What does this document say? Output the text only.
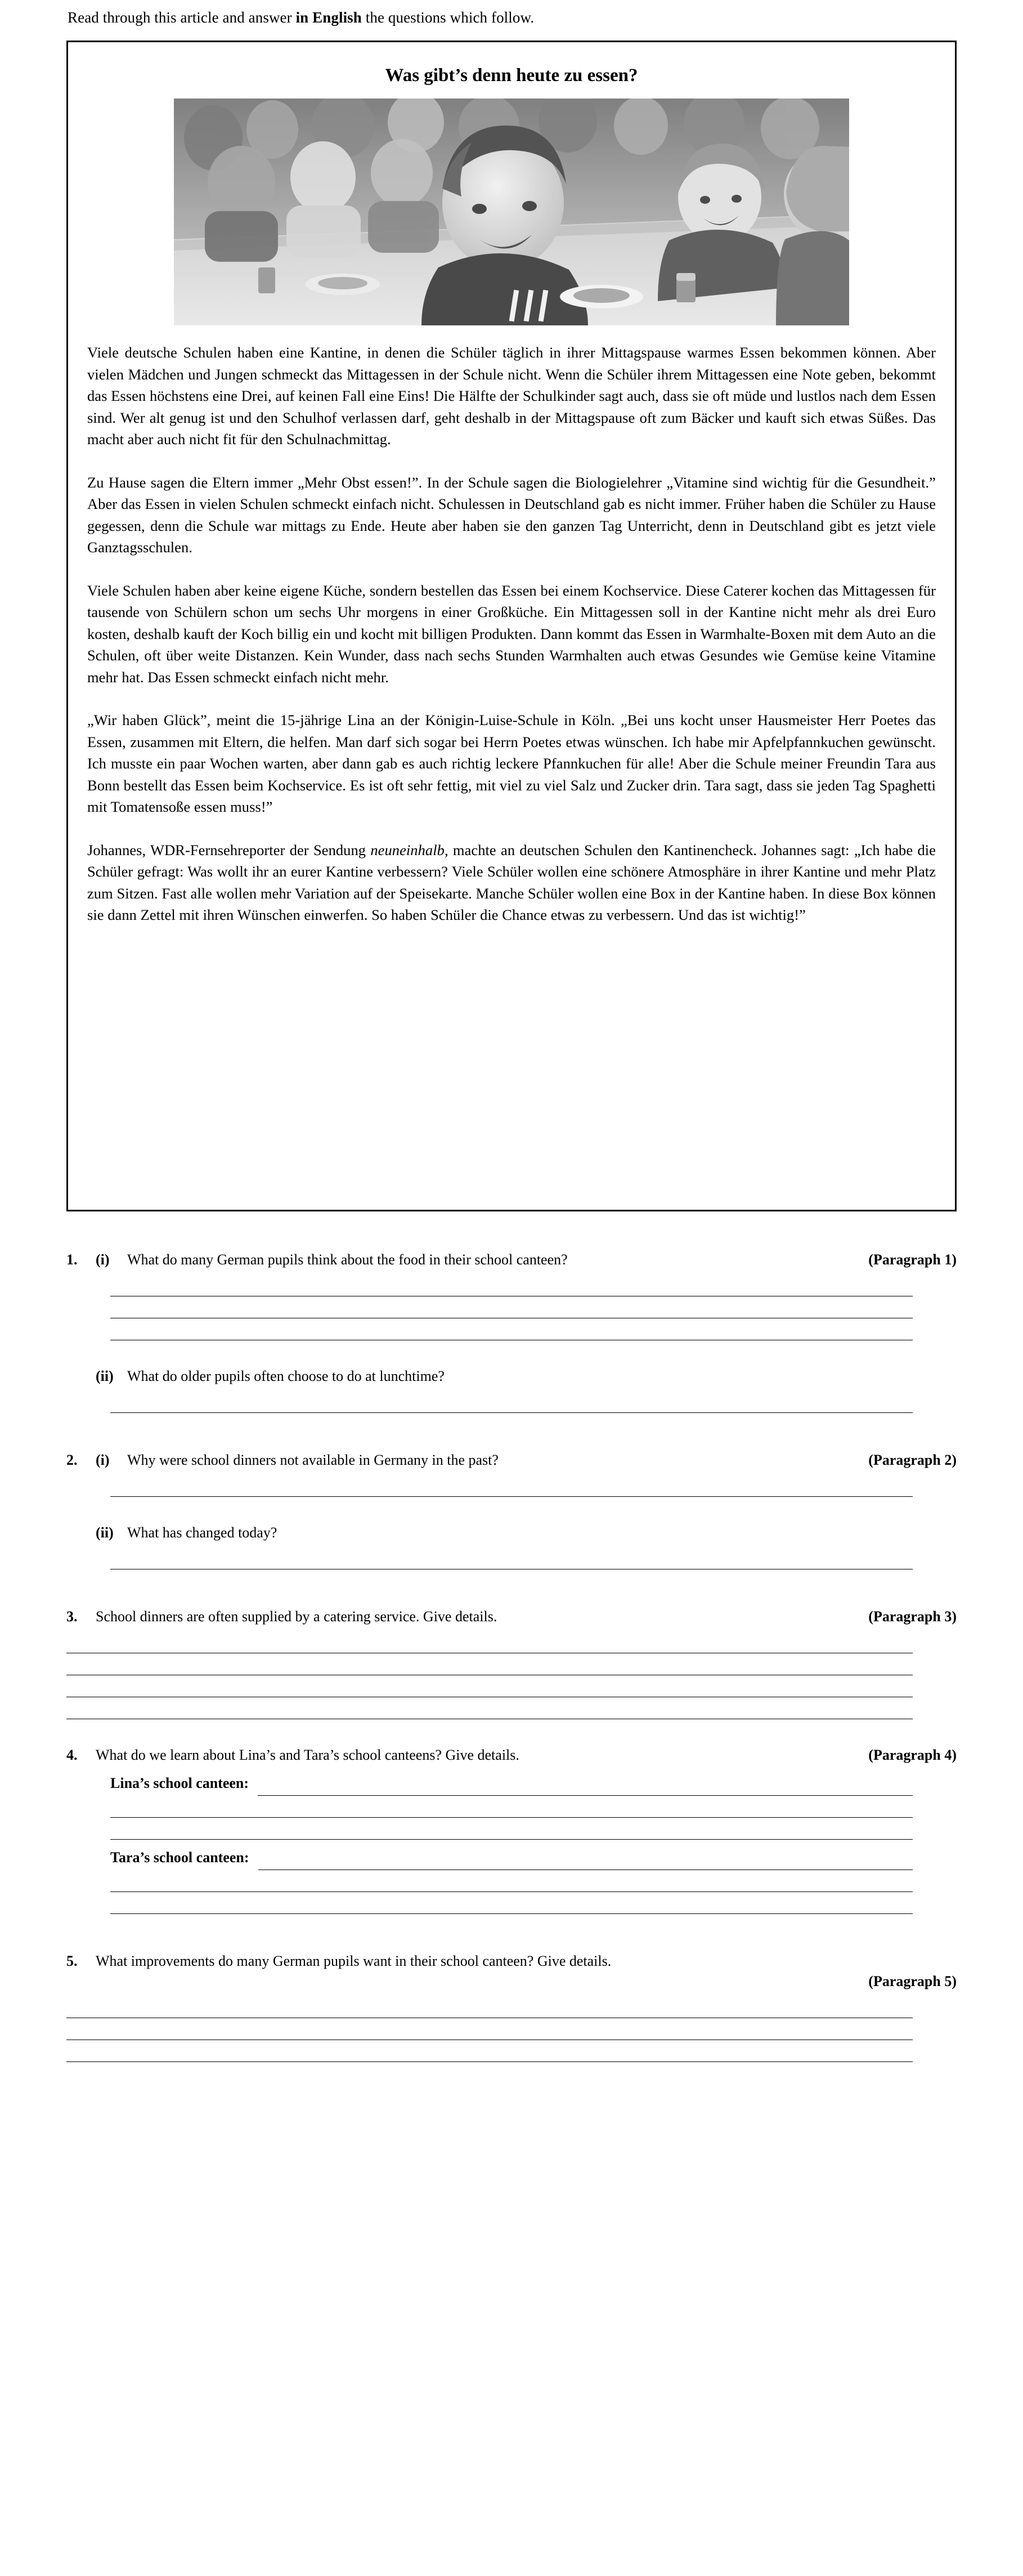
Read through this article and answer in English the questions which follow.
Was gibt’s denn heute zu essen?

Viele deutsche Schulen haben eine Kantine, in denen die Schüler täglich in ihrer Mittagspause warmes Essen bekommen können. Aber vielen Mädchen und Jungen schmeckt das Mittagessen in der Schule nicht. Wenn die Schüler ihrem Mittagessen eine Note geben, bekommt das Essen höchstens eine Drei, auf keinen Fall eine Eins! Die Hälfte der Schulkinder sagt auch, dass sie oft müde und lustlos nach dem Essen sind. Wer alt genug ist und den Schulhof verlassen darf, geht deshalb in der Mittagspause oft zum Bäcker und kauft sich etwas Süßes. Das macht aber auch nicht fit für den Schulnachmittag.

Zu Hause sagen die Eltern immer „Mehr Obst essen!”. In der Schule sagen die Biologielehrer „Vitamine sind wichtig für die Gesundheit.” Aber das Essen in vielen Schulen schmeckt einfach nicht. Schulessen in Deutschland gab es nicht immer. Früher haben die Schüler zu Hause gegessen, denn die Schule war mittags zu Ende. Heute aber haben sie den ganzen Tag Unterricht, denn in Deutschland gibt es jetzt viele Ganztagsschulen.

Viele Schulen haben aber keine eigene Küche, sondern bestellen das Essen bei einem Kochservice. Diese Caterer kochen das Mittagessen für tausende von Schülern schon um sechs Uhr morgens in einer Großküche. Ein Mittagessen soll in der Kantine nicht mehr als drei Euro kosten, deshalb kauft der Koch billig ein und kocht mit billigen Produkten. Dann kommt das Essen in Warmhalte-Boxen mit dem Auto an die Schulen, oft über weite Distanzen. Kein Wunder, dass nach sechs Stunden Warmhalten auch etwas Gesundes wie Gemüse keine Vitamine mehr hat. Das Essen schmeckt einfach nicht mehr.

„Wir haben Glück”, meint die 15-jährige Lina an der Königin-Luise-Schule in Köln. „Bei uns kocht unser Hausmeister Herr Poetes das Essen, zusammen mit Eltern, die helfen. Man darf sich sogar bei Herrn Poetes etwas wünschen. Ich habe mir Apfelpfannkuchen gewünscht. Ich musste ein paar Wochen warten, aber dann gab es auch richtig leckere Pfannkuchen für alle! Aber die Schule meiner Freundin Tara aus Bonn bestellt das Essen beim Kochservice. Es ist oft sehr fettig, mit viel zu viel Salz und Zucker drin. Tara sagt, dass sie jeden Tag Spaghetti mit Tomatensoße essen muss!”

Johannes, WDR-Fernsehreporter der Sendung neuneinhalb, machte an deutschen Schulen den Kantinencheck. Johannes sagt: „Ich habe die Schüler gefragt: Was wollt ihr an eurer Kantine verbessern? Viele Schüler wollen eine schönere Atmosphäre in ihrer Kantine und mehr Platz zum Sitzen. Fast alle wollen mehr Variation auf der Speisekarte. Manche Schüler wollen eine Box in der Kantine haben. In diese Box können sie dann Zettel mit ihren Wünschen einwerfen. So haben Schüler die Chance etwas zu verbessern. Und das ist wichtig!”

1.	(i)	What do many German pupils think about the food in their school canteen?	(Paragraph 1)
(ii) What do older pupils often choose to do at lunchtime?
2.	(i)	Why were school dinners not available in Germany in the past?	(Paragraph 2)
(ii) What has changed today?
3.	School dinners are often supplied by a catering service. Give details.	(Paragraph 3)
4.	What do we learn about Lina’s and Tara’s school canteens? Give details.	(Paragraph 4)
Lina’s school canteen:
Tara’s school canteen:
5.	What improvements do many German pupils want in their school canteen? Give details.
(Paragraph 5)
